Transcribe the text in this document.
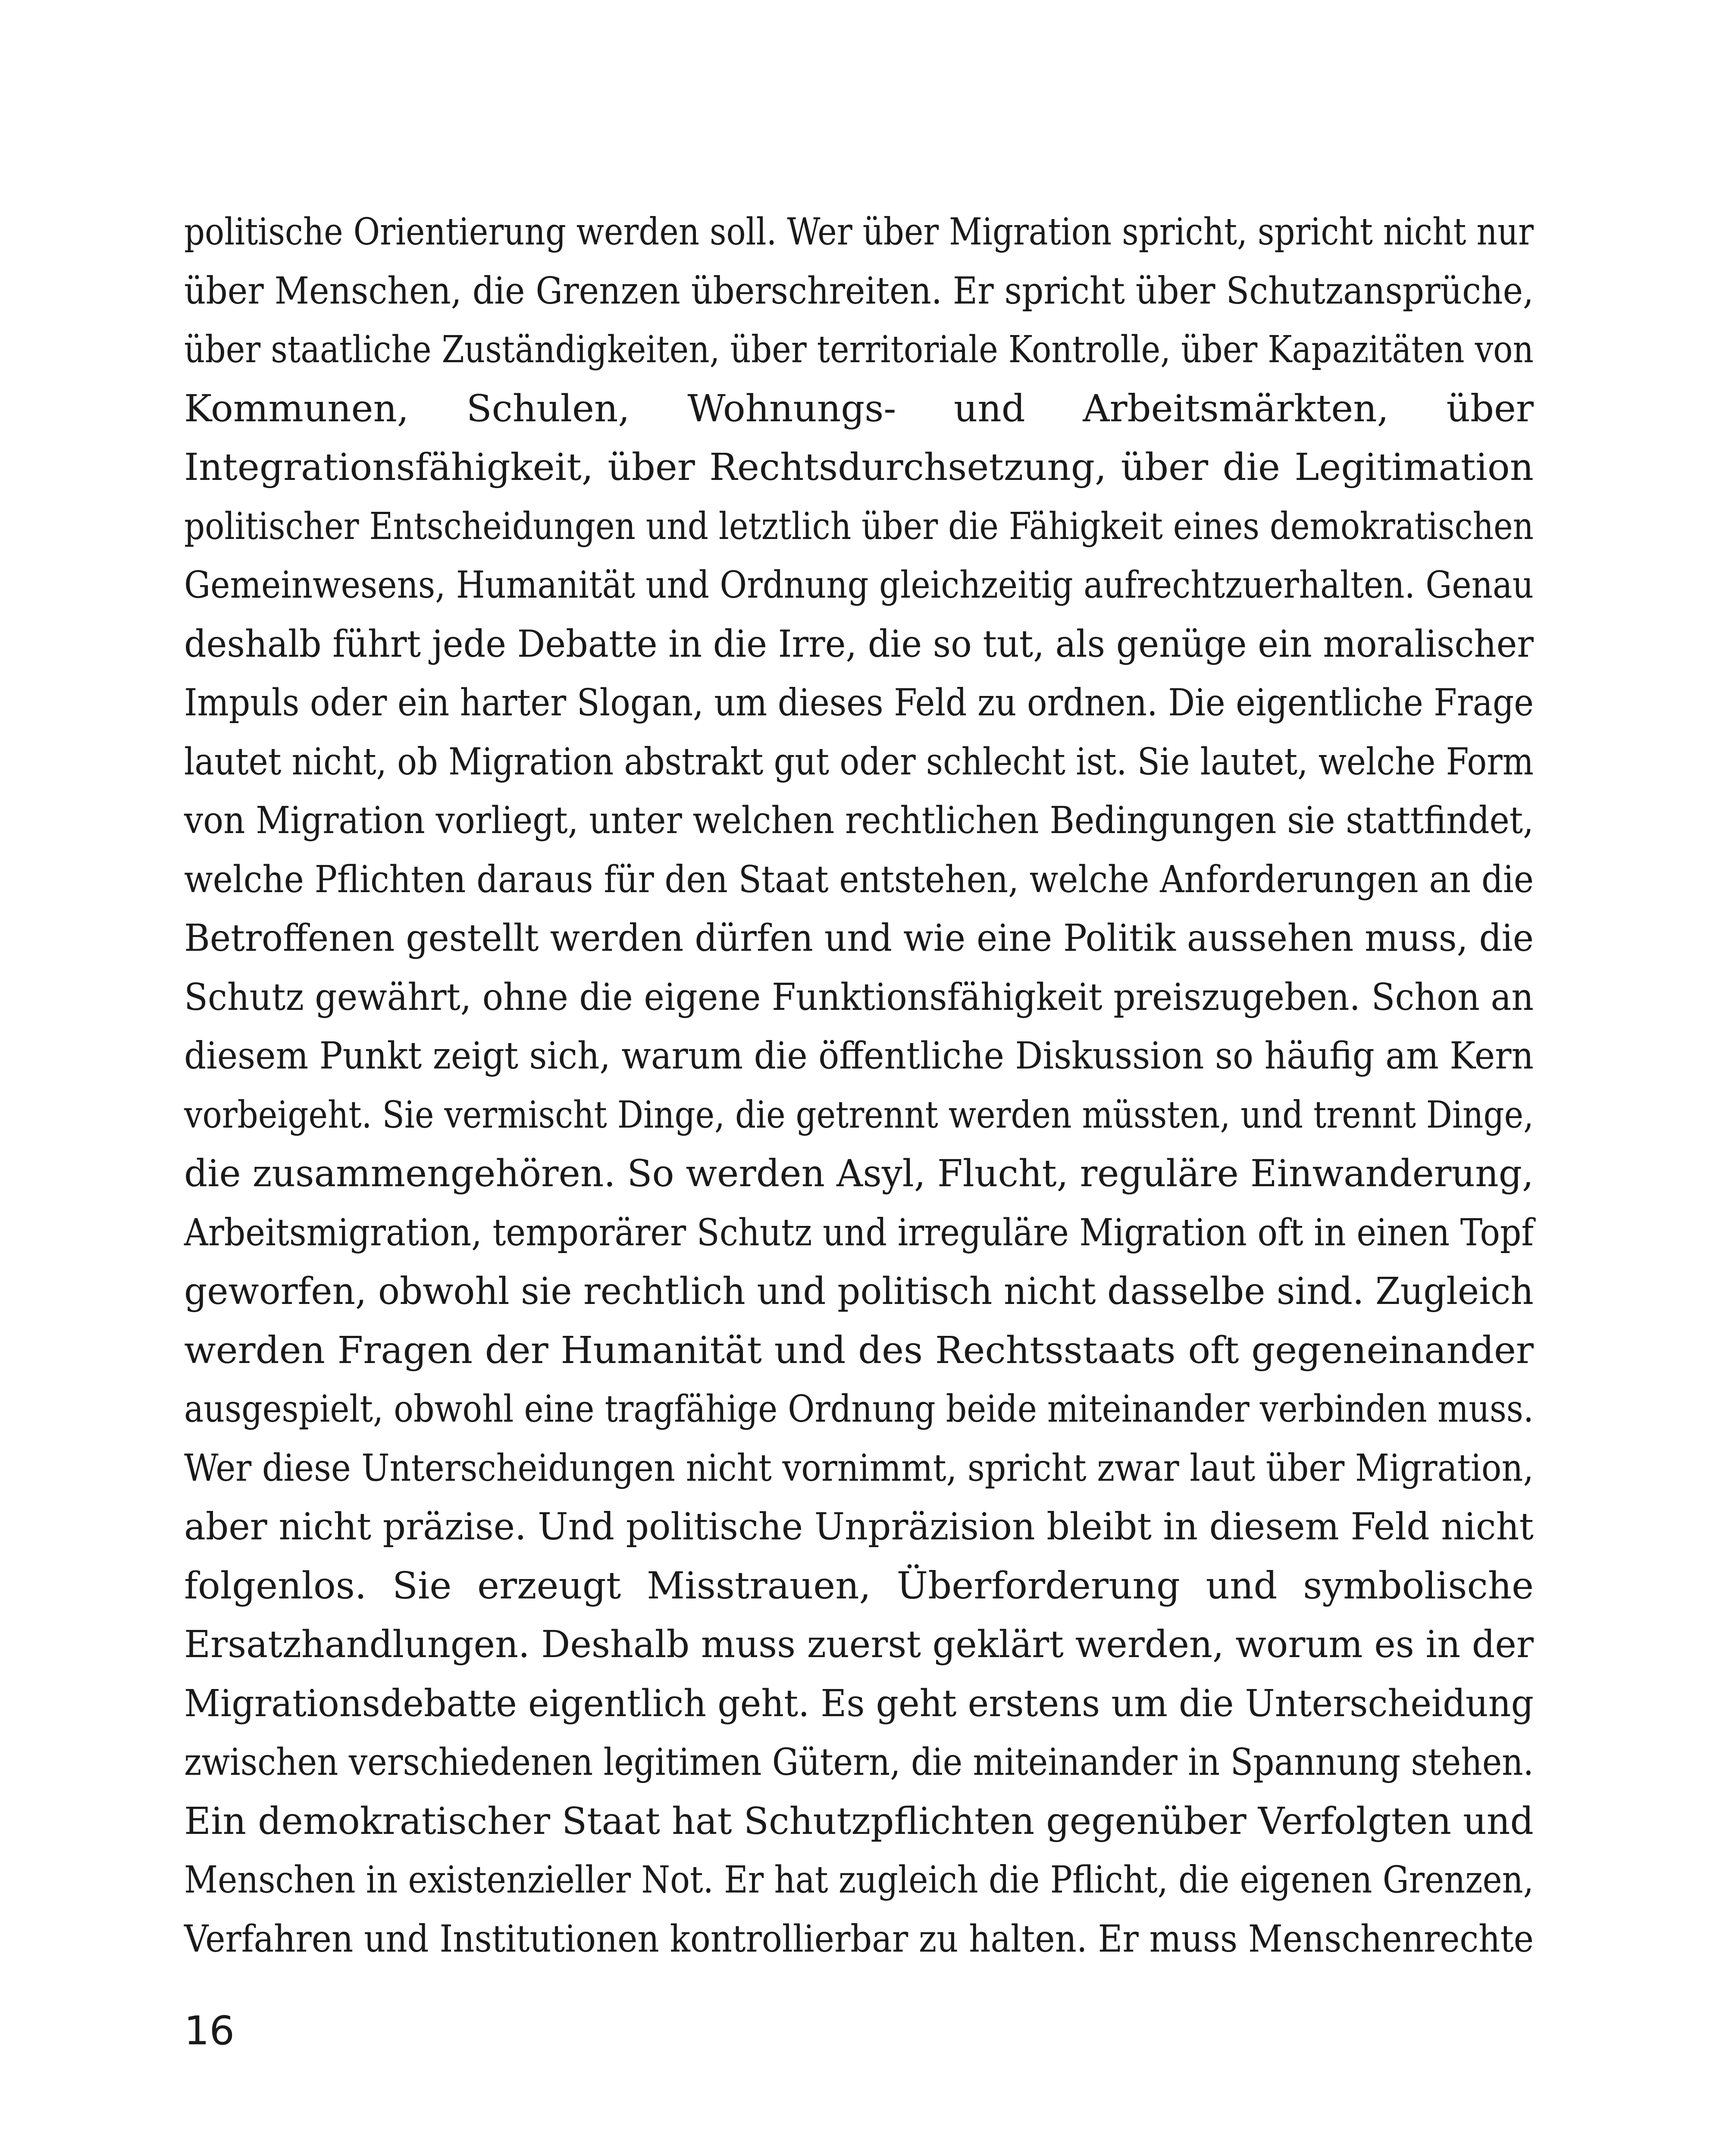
politische Orientierung werden soll. Wer über Migration spricht, spricht nicht nur
über Menschen, die Grenzen überschreiten. Er spricht über Schutzansprüche,
über staatliche Zuständigkeiten, über territoriale Kontrolle, über Kapazitäten von
Kommunen, Schulen, Wohnungs- und Arbeitsmärkten, über
Integrationsfähigkeit, über Rechtsdurchsetzung, über die Legitimation
politischer Entscheidungen und letztlich über die Fähigkeit eines demokratischen
Gemeinwesens, Humanität und Ordnung gleichzeitig aufrechtzuerhalten. Genau
deshalb führt jede Debatte in die Irre, die so tut, als genüge ein moralischer
Impuls oder ein harter Slogan, um dieses Feld zu ordnen. Die eigentliche Frage
lautet nicht, ob Migration abstrakt gut oder schlecht ist. Sie lautet, welche Form
von Migration vorliegt, unter welchen rechtlichen Bedingungen sie stattfindet,
welche Pflichten daraus für den Staat entstehen, welche Anforderungen an die
Betroffenen gestellt werden dürfen und wie eine Politik aussehen muss, die
Schutz gewährt, ohne die eigene Funktionsfähigkeit preiszugeben. Schon an
diesem Punkt zeigt sich, warum die öffentliche Diskussion so häufig am Kern
vorbeigeht. Sie vermischt Dinge, die getrennt werden müssten, und trennt Dinge,
die zusammengehören. So werden Asyl, Flucht, reguläre Einwanderung,
Arbeitsmigration, temporärer Schutz und irreguläre Migration oft in einen Topf
geworfen, obwohl sie rechtlich und politisch nicht dasselbe sind. Zugleich
werden Fragen der Humanität und des Rechtsstaats oft gegeneinander
ausgespielt, obwohl eine tragfähige Ordnung beide miteinander verbinden muss.
Wer diese Unterscheidungen nicht vornimmt, spricht zwar laut über Migration,
aber nicht präzise. Und politische Unpräzision bleibt in diesem Feld nicht
folgenlos. Sie erzeugt Misstrauen, Überforderung und symbolische
Ersatzhandlungen. Deshalb muss zuerst geklärt werden, worum es in der
Migrationsdebatte eigentlich geht. Es geht erstens um die Unterscheidung
zwischen verschiedenen legitimen Gütern, die miteinander in Spannung stehen.
Ein demokratischer Staat hat Schutzpflichten gegenüber Verfolgten und
Menschen in existenzieller Not. Er hat zugleich die Pflicht, die eigenen Grenzen,
Verfahren und Institutionen kontrollierbar zu halten. Er muss Menschenrechte
16
